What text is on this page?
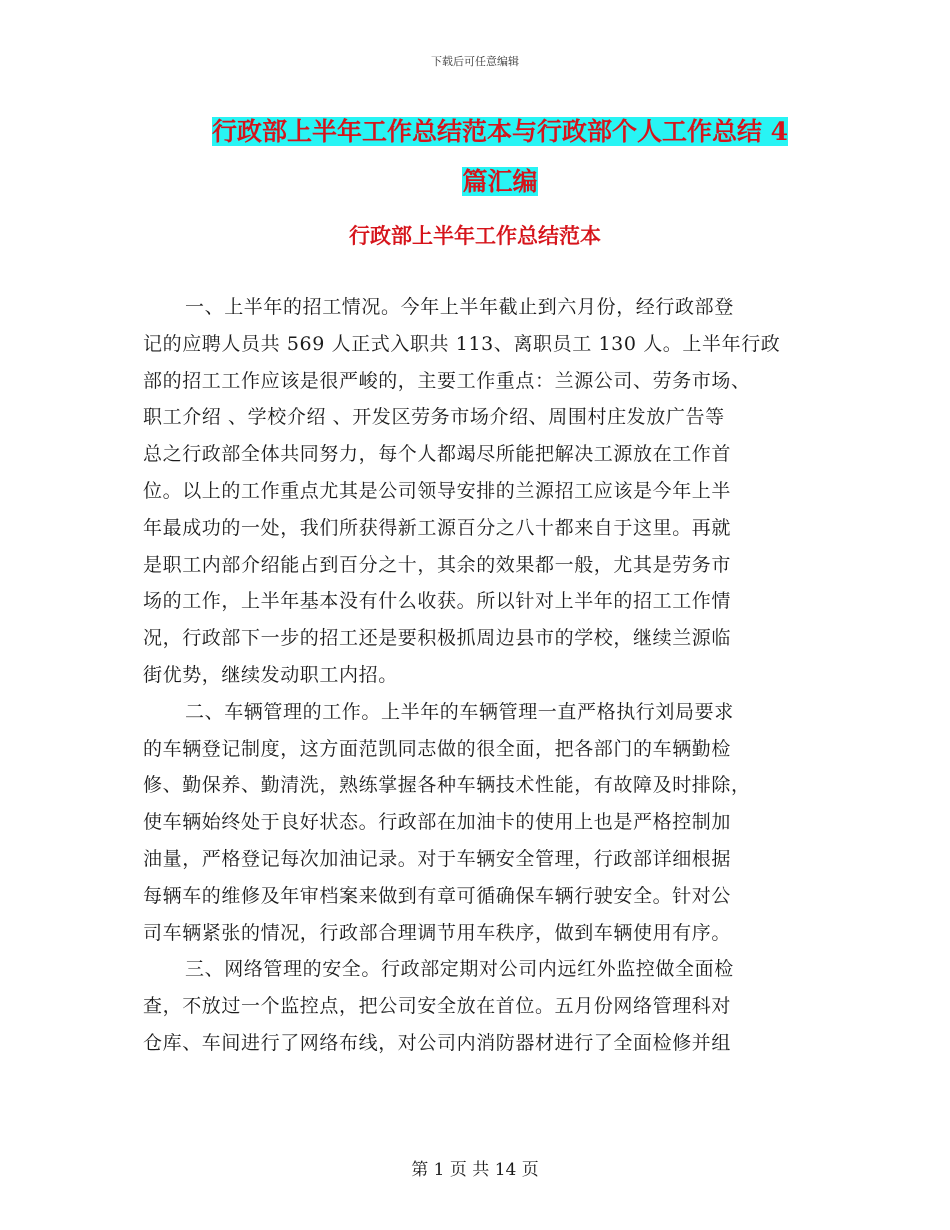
下载后可任意编辑
行政部上半年工作总结范本与行政部个人工作总结 4
篇汇编
行政部上半年工作总结范本
一、上半年的招工情况。今年上半年截止到六月份，经行政部登
记的应聘人员共 569 人正式入职共 113、离职员工 130 人。上半年行政
部的招工工作应该是很严峻的，主要工作重点：兰源公司、劳务市场、
职工介绍 、学校介绍 、开发区劳务市场介绍、周围村庄发放广告等
总之行政部全体共同努力，每个人都竭尽所能把解决工源放在工作首
位。以上的工作重点尤其是公司领导安排的兰源招工应该是今年上半
年最成功的一处，我们所获得新工源百分之八十都来自于这里。再就
是职工内部介绍能占到百分之十，其余的效果都一般，尤其是劳务市
场的工作，上半年基本没有什么收获。所以针对上半年的招工工作情
况，行政部下一步的招工还是要积极抓周边县市的学校，继续兰源临
街优势，继续发动职工内招。
二、车辆管理的工作。上半年的车辆管理一直严格执行刘局要求
的车辆登记制度，这方面范凯同志做的很全面，把各部门的车辆勤检
修、勤保养、勤清洗，熟练掌握各种车辆技术性能，有故障及时排除，
使车辆始终处于良好状态。行政部在加油卡的使用上也是严格控制加
油量，严格登记每次加油记录。对于车辆安全管理，行政部详细根据
每辆车的维修及年审档案来做到有章可循确保车辆行驶安全。针对公
司车辆紧张的情况，行政部合理调节用车秩序，做到车辆使用有序。
三、网络管理的安全。行政部定期对公司内远红外监控做全面检
查，不放过一个监控点，把公司安全放在首位。五月份网络管理科对
仓库、车间进行了网络布线，对公司内消防器材进行了全面检修并组
第 1 页 共 14 页
